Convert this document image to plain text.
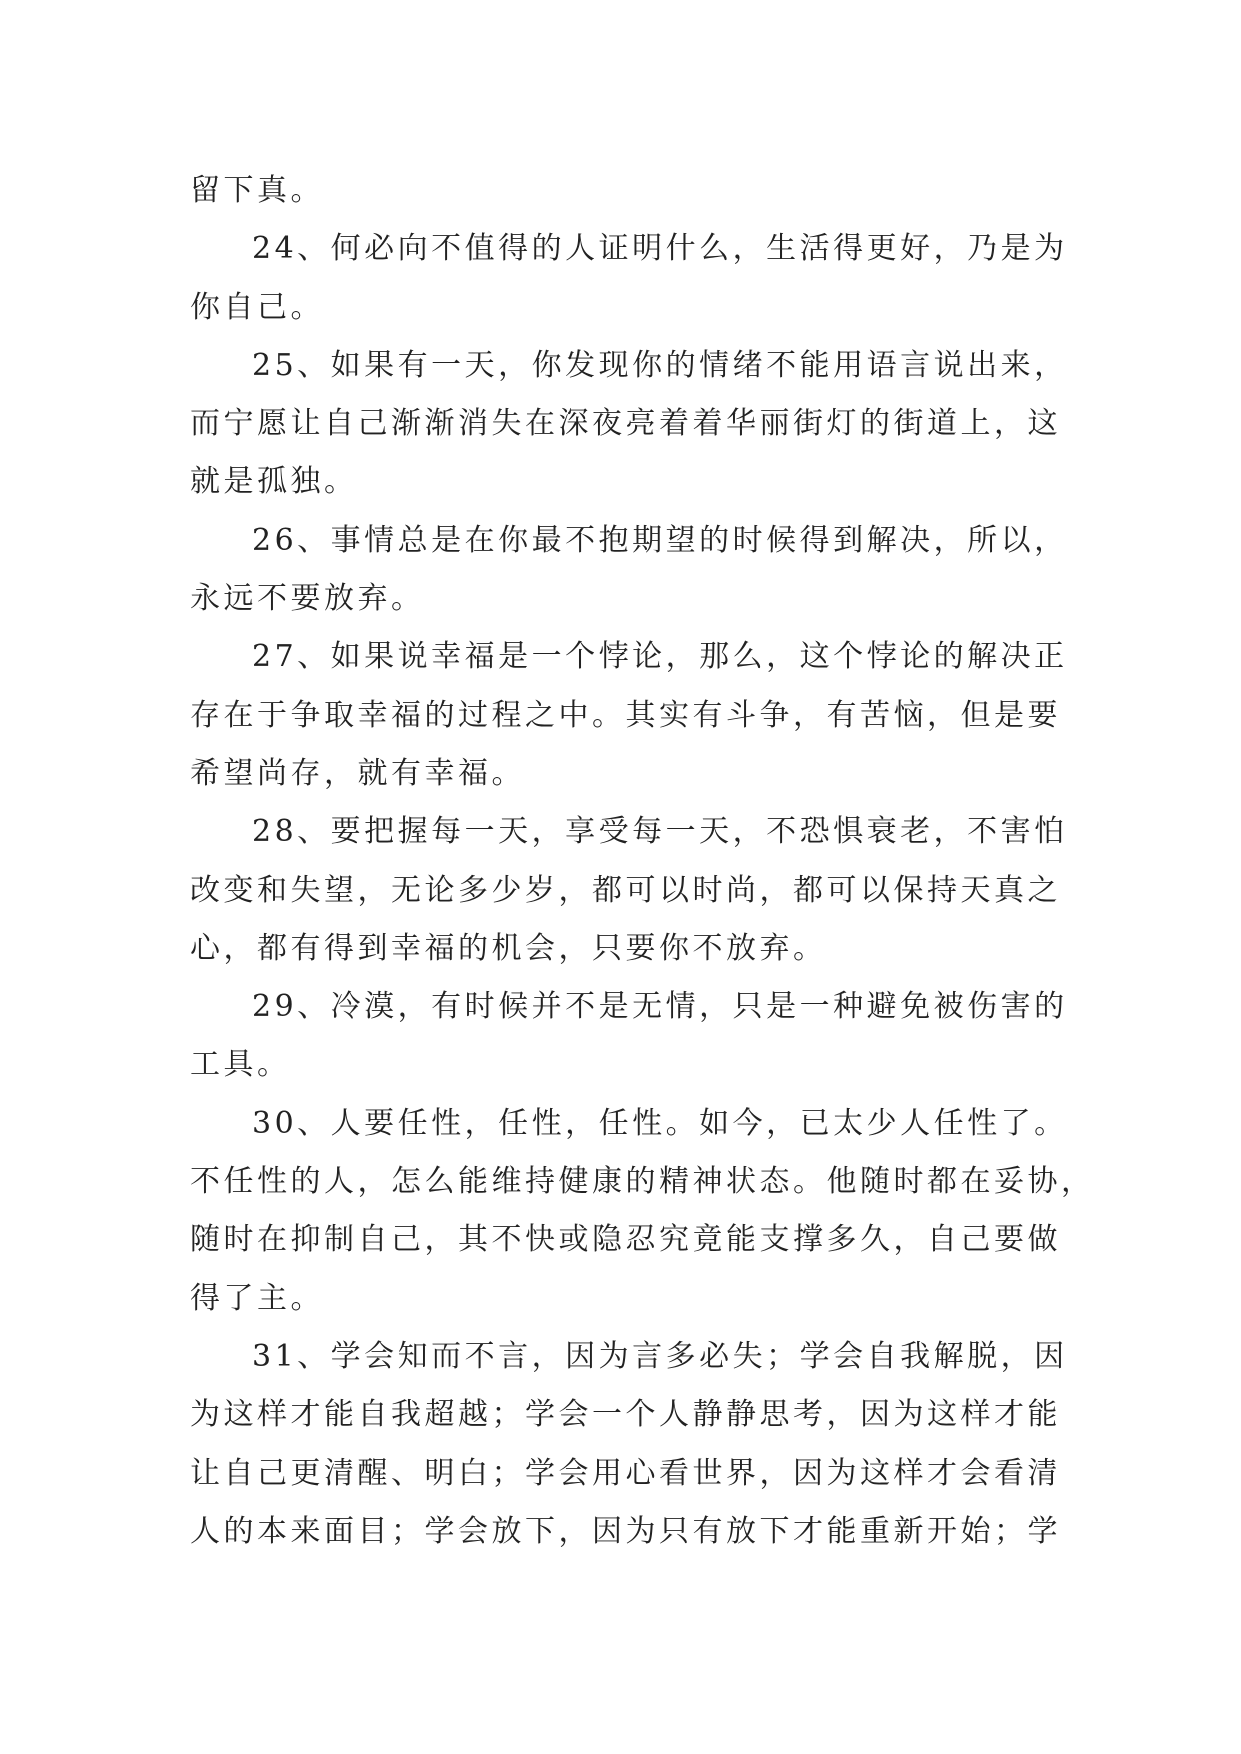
留下真。
24、何必向不值得的人证明什么，生活得更好，乃是为
你自己。
25、如果有一天，你发现你的情绪不能用语言说出来，
而宁愿让自己渐渐消失在深夜亮着着华丽街灯的街道上，这
就是孤独。
26、事情总是在你最不抱期望的时候得到解决，所以，
永远不要放弃。
27、如果说幸福是一个悖论，那么，这个悖论的解决正
存在于争取幸福的过程之中。其实有斗争，有苦恼，但是要
希望尚存，就有幸福。
28、要把握每一天，享受每一天，不恐惧衰老，不害怕
改变和失望，无论多少岁，都可以时尚，都可以保持天真之
心，都有得到幸福的机会，只要你不放弃。
29、冷漠，有时候并不是无情，只是一种避免被伤害的
工具。
30、人要任性，任性，任性。如今，已太少人任性了。
不任性的人，怎么能维持健康的精神状态。他随时都在妥协，
随时在抑制自己，其不快或隐忍究竟能支撑多久，自己要做
得了主。
31、学会知而不言，因为言多必失；学会自我解脱，因
为这样才能自我超越；学会一个人静静思考，因为这样才能
让自己更清醒、明白；学会用心看世界，因为这样才会看清
人的本来面目；学会放下，因为只有放下才能重新开始；学
